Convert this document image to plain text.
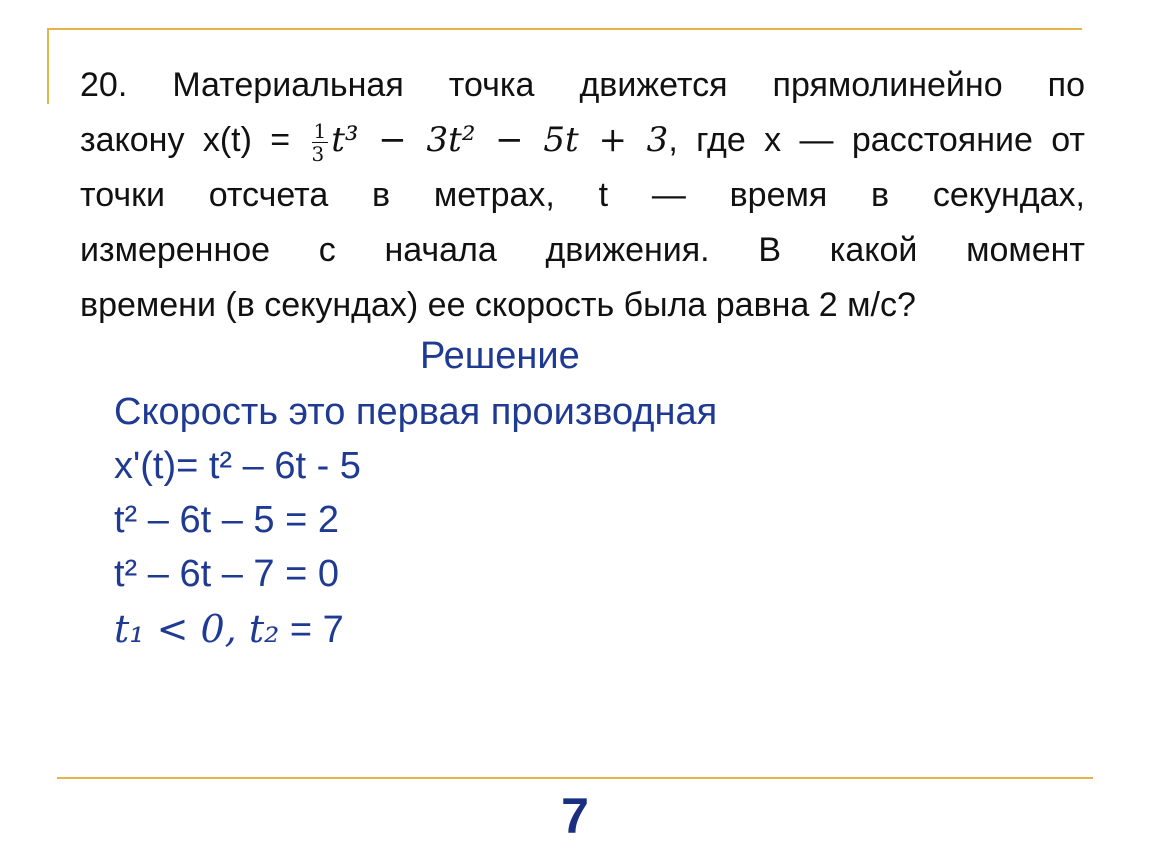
20. Материальная точка движется прямолинейно по
закону $x(t) = \frac{1}{3} t^3 - 3t^2 - 5t + 3$, где x — расстояние от
точки отсчета в метрах, t — время в секундах,
измеренное с начала движения. В какой момент
времени (в секундах) ее скорость была равна 2 м/с?
Решение
Скорость это первая производная
x'(t)= t² – 6t - 5
t² – 6t – 5 = 2
t² – 6t – 7 = 0
t₁ < 0, t₂ = 7
7
